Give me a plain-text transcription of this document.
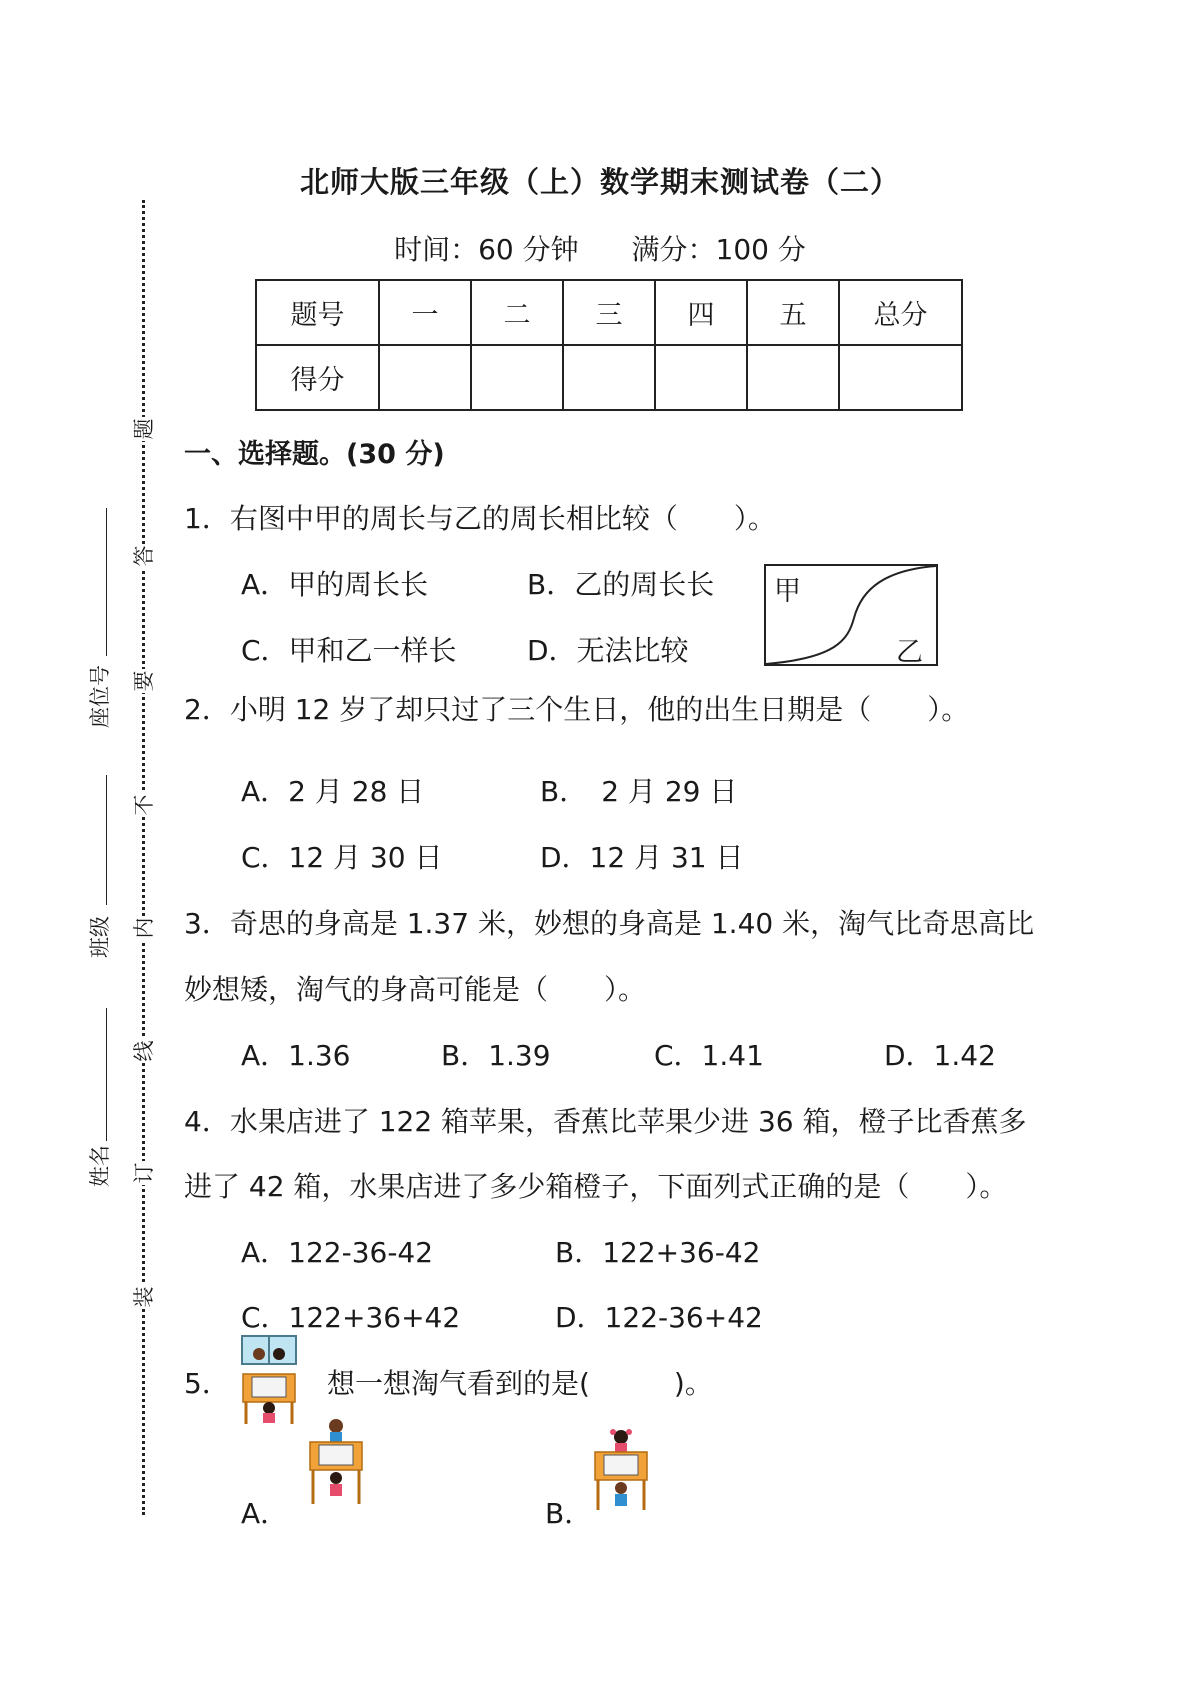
北师大版三年级（上）数学期末测试卷（二）
时间：60 分钟 满分：100 分
题号	一	二	三	四	五	总分
得分						
题
答
要
不
内
线
订
装
座位号
班级
姓名
一、选择题。(30 分)
1．右图中甲的周长与乙的周长相比较（　　）。
A．甲的周长长	B．乙的周长长
C．甲和乙一样长	D．无法比较
甲
乙
2．小明 12 岁了却只过了三个生日，他的出生日期是（　　）。
A．2 月 28 日	B．　2 月 29 日
C．12 月 30 日	D．12 月 31 日
3．奇思的身高是 1.37 米，妙想的身高是 1.40 米，淘气比奇思高比
妙想矮，淘气的身高可能是（　　）。
A．1.36	B．1.39	C．1.41	D．1.42
4．水果店进了 122 箱苹果，香蕉比苹果少进 36 箱，橙子比香蕉多
进了 42 箱，水果店进了多少箱橙子，下面列式正确的是（　　）。
A．122-36-42	B．122+36-42
C．122+36+42	D．122-36+42
5．	想一想淘气看到的是(　　　)。
A．	B．
